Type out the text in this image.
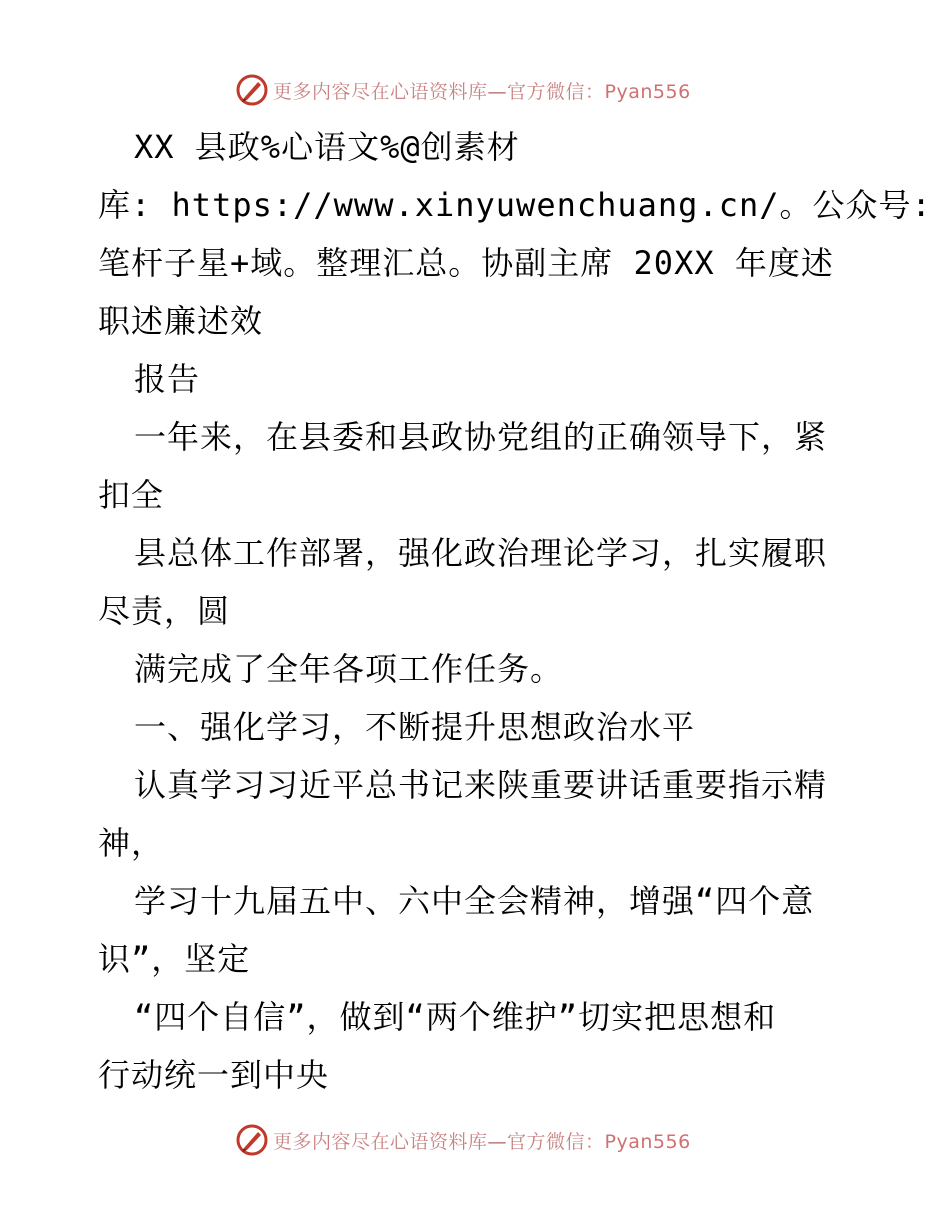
更多内容尽在心语资料库—官方微信：Pyan556
XX 县政%心语文%@创素材
库: https://www.xinyuwenchuang.cn/。公众号:
笔杆子星+域。整理汇总。协副主席 20XX 年度述
职述廉述效
报告
一年来，在县委和县政协党组的正确领导下，紧
扣全
县总体工作部署，强化政治理论学习，扎实履职
尽责，圆
满完成了全年各项工作任务。
一、强化学习，不断提升思想政治水平
认真学习习近平总书记来陕重要讲话重要指示精
神，
学习十九届五中、六中全会精神，增强“四个意
识”，坚定
“四个自信”，做到“两个维护”切实把思想和
行动统一到中央
更多内容尽在心语资料库—官方微信：Pyan556
